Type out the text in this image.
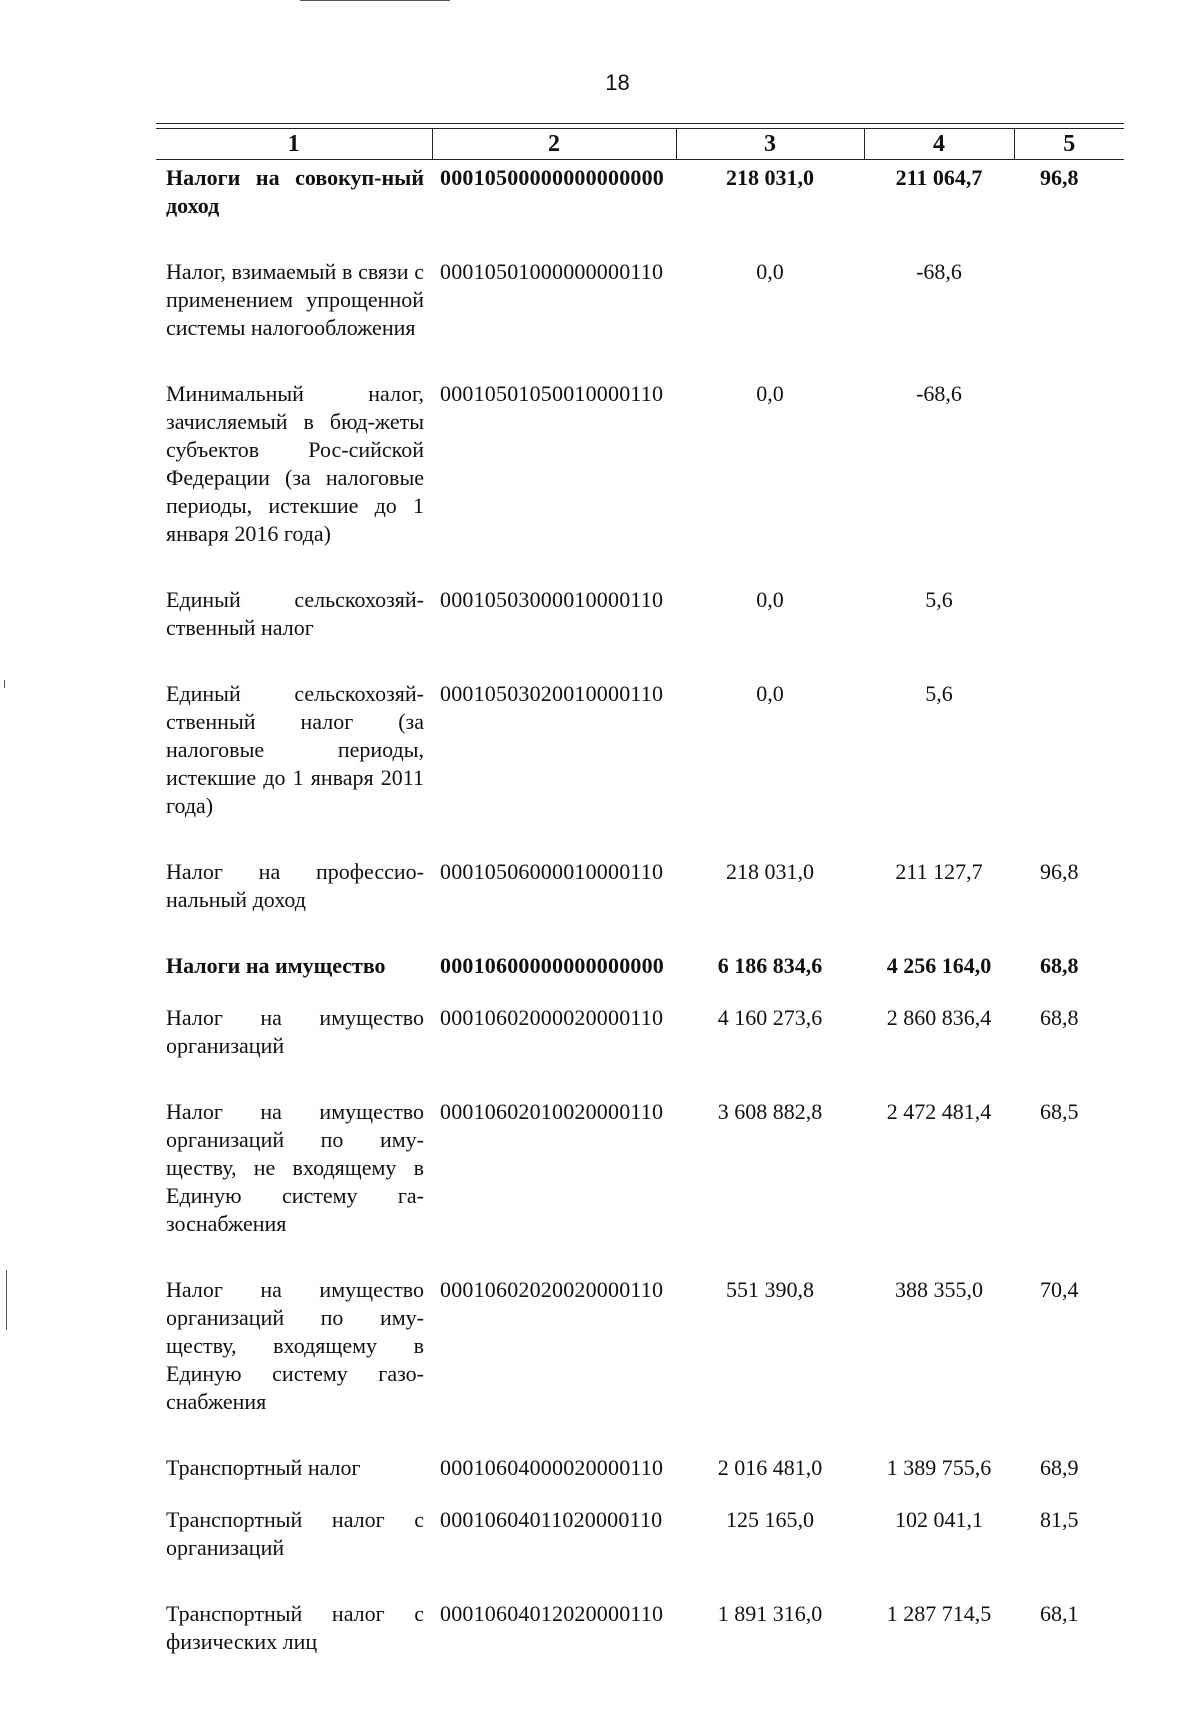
18
1	2	3	4	5
Налоги на совокуп-ный доход	00010500000000000000	218 031,0	211 064,7	96,8
Налог, взимаемый в связи с применением упрощенной системы налогообложения	00010501000000000110	0,0	-68,6	
Минимальный налог, зачисляемый в бюд-жеты субъектов Рос-сийской Федерации (за налоговые периоды, истекшие до 1 января 2016 года)	00010501050010000110	0,0	-68,6	
Единый сельскохозяй-ственный налог	00010503000010000110	0,0	5,6	
Единый сельскохозяй-ственный налог (за налоговые периоды, истекшие до 1 января 2011 года)	00010503020010000110	0,0	5,6	
Налог на профессио-нальный доход	00010506000010000110	218 031,0	211 127,7	96,8
Налоги на имущество	00010600000000000000	6 186 834,6	4 256 164,0	68,8
Налог на имущество организаций	00010602000020000110	4 160 273,6	2 860 836,4	68,8
Налог на имущество организаций по иму-ществу, не входящему в Единую систему га-зоснабжения	00010602010020000110	3 608 882,8	2 472 481,4	68,5
Налог на имущество организаций по иму-ществу, входящему в Единую систему газо-снабжения	00010602020020000110	551 390,8	388 355,0	70,4
Транспортный налог	00010604000020000110	2 016 481,0	1 389 755,6	68,9
Транспортный налог с организаций	00010604011020000110	125 165,0	102 041,1	81,5
Транспортный налог с физических лиц	00010604012020000110	1 891 316,0	1 287 714,5	68,1
